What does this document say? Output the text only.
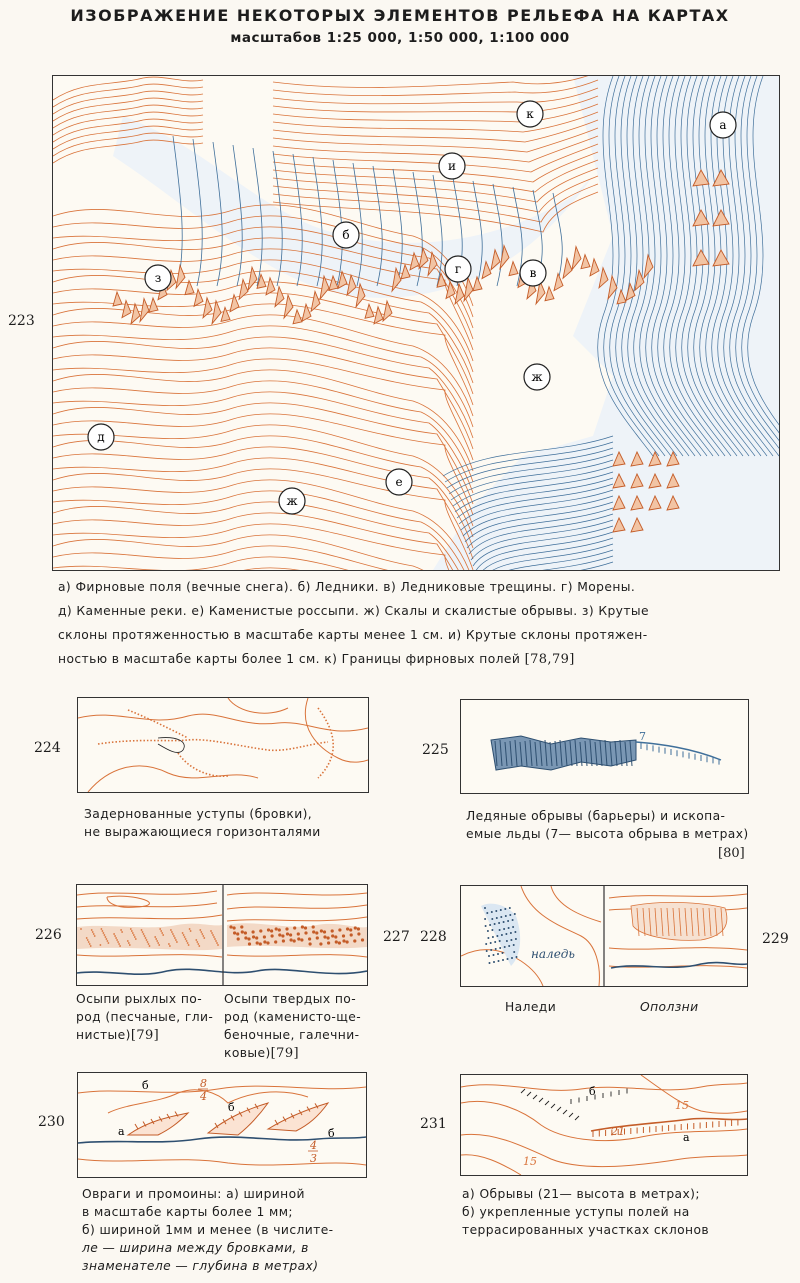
ИЗОБРАЖЕНИЕ НЕКОТОРЫХ ЭЛЕМЕНТОВ РЕЛЬЕФА НА КАРТАХ
масштабов 1:25 000, 1:50 000, 1:100 000
223
к
а
и
б
з
г	в
ж
д
е
ж
а) Фирновые поля (вечные снега). б) Ледники. в) Ледниковые трещины. г) Морены.
д) Каменные реки. е) Каменистые россыпи. ж) Скалы и скалистые обрывы. з) Крутые
склоны протяженностью в масштабе карты менее 1 см. и) Крутые склоны протяжен-
ностью в масштабе карты более 1 см. к) Границы фирновых полей [78,79]
224
Задернованные уступы (бровки),
не выражающиеся горизонталями
225
7
Ледяные обрывы (барьеры) и ископа-
емые льды (7— высота обрыва в метрах)
[80]
226	227
Осыпи рыхлых по-
род (песчаные, гли-
нистые)[79]
Осыпи твердых по-
род (каменисто-ще-
беночные, галечни-
ковые)[79]
228	229
наледь
Наледи	Оползни
230
а
б
б
б
8
4
4
3
Овраги и промоины: а) шириной
в масштабе карты более 1 мм;
б) шириной 1мм и менее (в числите-
ле — ширина между бровками, в
знаменателе — глубина в метрах)
231
а
б
21
15
15
а) Обрывы (21— высота в метрах);
б) укрепленные уступы полей на
террасированных участках склонов
